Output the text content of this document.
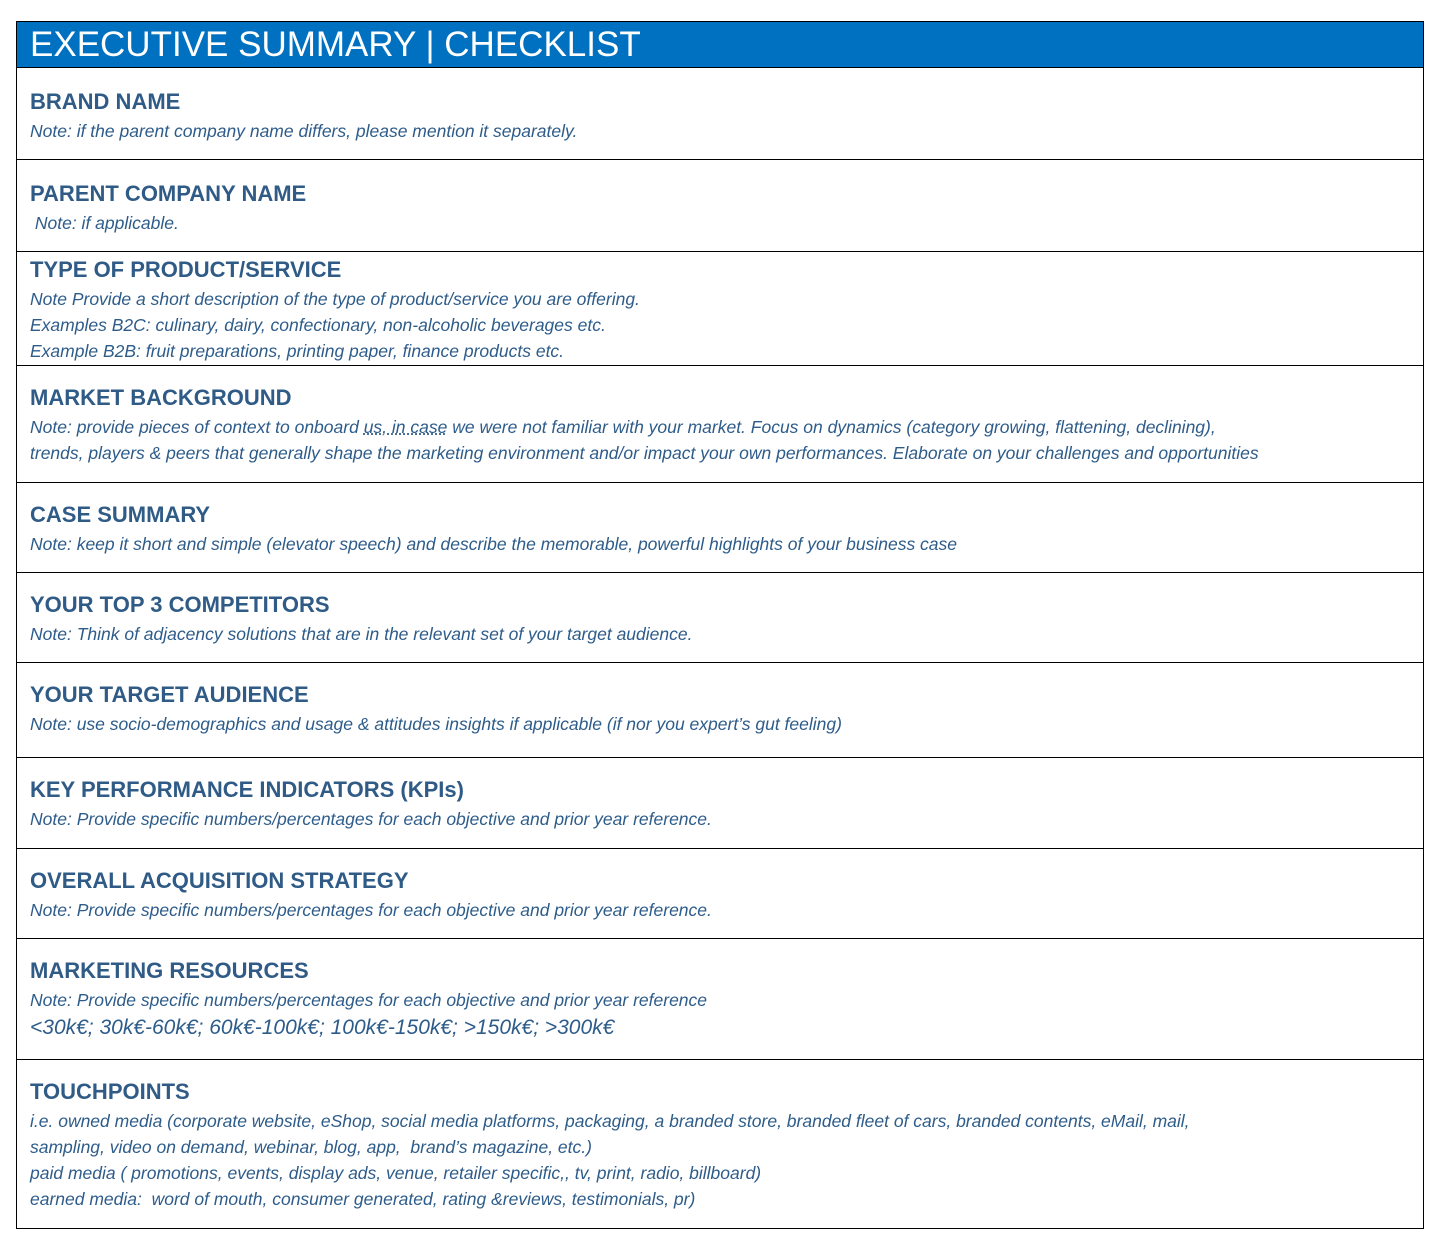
EXECUTIVE SUMMARY | CHECKLIST
BRAND NAME
Note: if the parent company name differs, please mention it separately.
PARENT COMPANY NAME
Note: if applicable.
TYPE OF PRODUCT/SERVICE
Note Provide a short description of the type of product/service you are offering.
Examples B2C: culinary, dairy, confectionary, non-alcoholic beverages etc.
Example B2B: fruit preparations, printing paper, finance products etc.
MARKET BACKGROUND
Note: provide pieces of context to onboard us, in case we were not familiar with your market. Focus on dynamics (category growing, flattening, declining),
trends, players & peers that generally shape the marketing environment and/or impact your own performances. Elaborate on your challenges and opportunities
CASE SUMMARY
Note: keep it short and simple (elevator speech) and describe the memorable, powerful highlights of your business case
YOUR TOP 3 COMPETITORS
Note: Think of adjacency solutions that are in the relevant set of your target audience.
YOUR TARGET AUDIENCE
Note: use socio-demographics and usage & attitudes insights if applicable (if nor you expert’s gut feeling)
KEY PERFORMANCE INDICATORS (KPIs)
Note: Provide specific numbers/percentages for each objective and prior year reference.
OVERALL ACQUISITION STRATEGY
Note: Provide specific numbers/percentages for each objective and prior year reference.
MARKETING RESOURCES
Note: Provide specific numbers/percentages for each objective and prior year reference
<30k€; 30k€-60k€; 60k€-100k€; 100k€-150k€; >150k€; >300k€
TOUCHPOINTS
i.e. owned media (corporate website, eShop, social media platforms, packaging, a branded store, branded fleet of cars, branded contents, eMail, mail,
sampling, video on demand, webinar, blog, app,  brand’s magazine, etc.)
paid media ( promotions, events, display ads, venue, retailer specific,, tv, print, radio, billboard)
earned media:  word of mouth, consumer generated, rating &reviews, testimonials, pr)
